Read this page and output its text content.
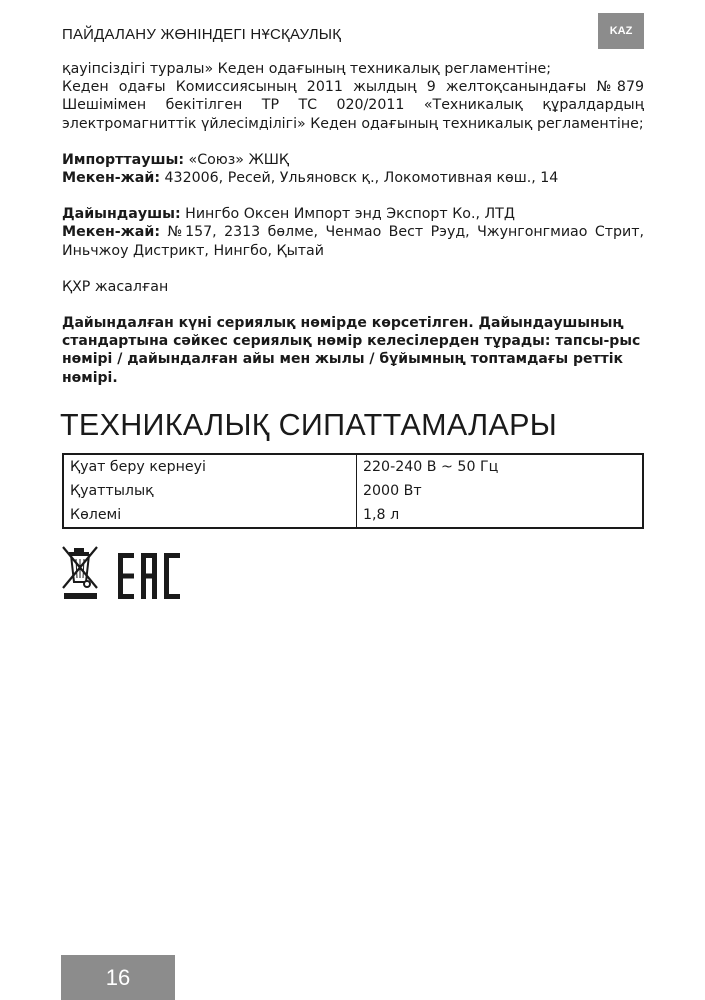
ПАЙДАЛАНУ ЖӨНІНДЕГІ НҰСҚАУЛЫҚ	KAZ

қауіпсіздігі туралы» Кеден одағының техникалық регламентіне;

Кеден одағы Комиссиясының 2011 жылдың 9 желтоқсанындағы №879 Шешімімен бекітілген ТР ТС 020/2011 «Техникалық құралдардың электромагниттік үйлесімділігі» Кеден одағының техникалық регламентіне;

Импорттаушы: «Союз» ЖШҚ

Мекен-жай: 432006, Ресей, Ульяновск қ., Локомотивная көш., 14

Дайындаушы: Нингбо Оксен Импорт энд Экспорт Ко., ЛТД

Мекен-жай: №157, 2313 бөлме, Ченмао Вест Рэуд, Чжунгонгмиао Стрит, Иньчжоу Дистрикт, Нингбо, Қытай

ҚХР жасалған

Дайындалған күні сериялық нөмірде көрсетілген. Дайындаушының стандартына сәйкес сериялық нөмір келесілерден тұрады: тапсы-рыс нөмірі / дайындалған айы мен жылы / бұйымның топтамдағы реттік нөмірі.

ТЕХНИКАЛЫҚ СИПАТТАМАЛАРЫ
Қуат беру кернеуі	220-240 В ~ 50 Гц
Қуаттылық	2000 Вт
Көлемі	1,8 л
16
